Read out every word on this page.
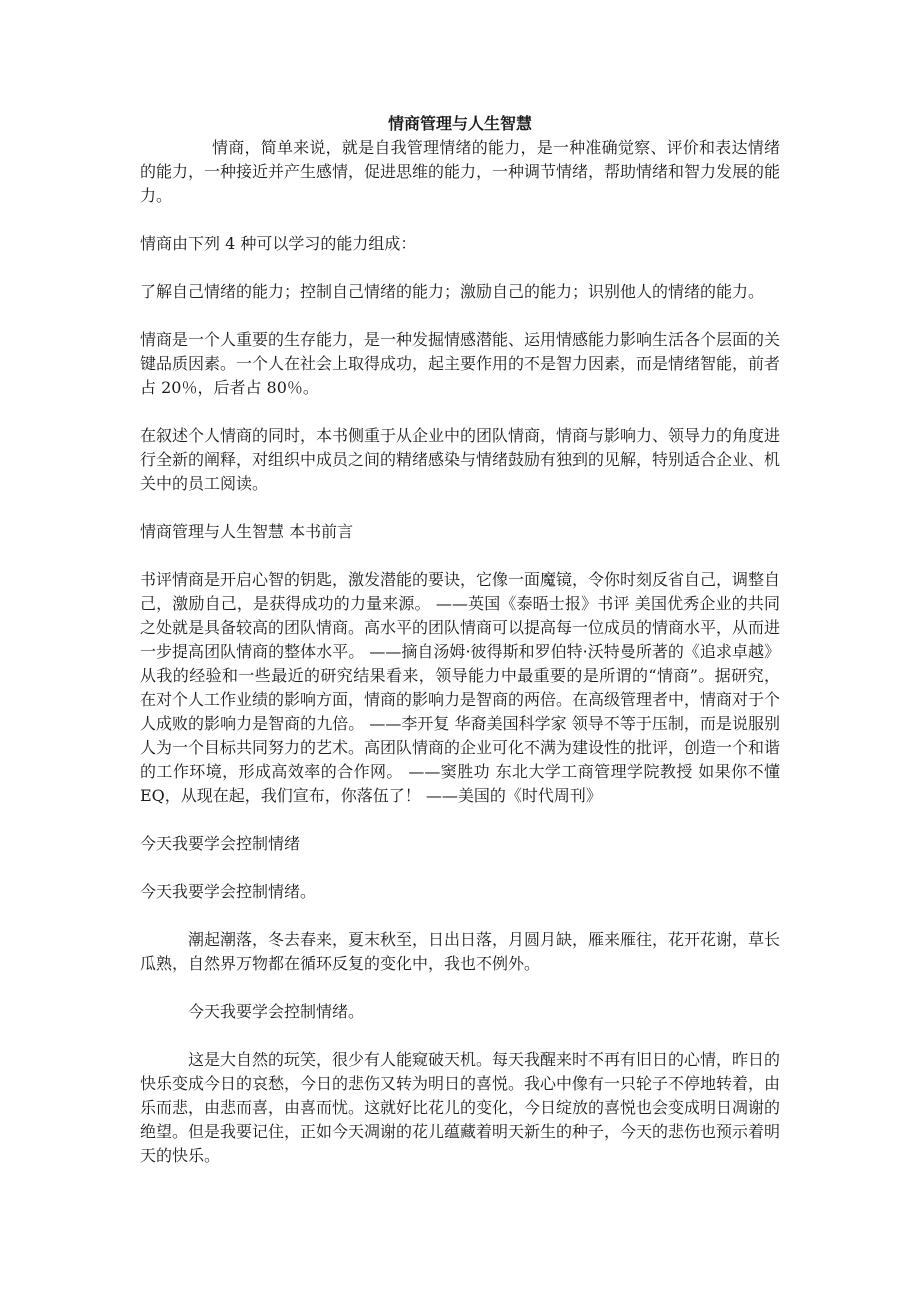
情商管理与人生智慧

情商，简单来说，就是自我管理情绪的能力，是一种准确觉察、评价和表达情绪的能力，一种接近并产生感情，促进思维的能力，一种调节情绪，帮助情绪和智力发展的能力。

情商由下列 4 种可以学习的能力组成：

了解自己情绪的能力；控制自己情绪的能力；激励自己的能力；识别他人的情绪的能力。

情商是一个人重要的生存能力，是一种发掘情感潜能、运用情感能力影响生活各个层面的关键品质因素。一个人在社会上取得成功，起主要作用的不是智力因素，而是情绪智能，前者占 20％，后者占 80％。

在叙述个人情商的同时，本书侧重于从企业中的团队情商，情商与影响力、领导力的角度进行全新的阐释，对组织中成员之间的精绪感染与情绪鼓励有独到的见解，特别适合企业、机关中的员工阅读。

情商管理与人生智慧 本书前言

书评情商是开启心智的钥匙，激发潜能的要诀，它像一面魔镜，令你时刻反省自己，调整自己，激励自己，是获得成功的力量来源。 ——英国《泰晤士报》书评 美国优秀企业的共同之处就是具备较高的团队情商。高水平的团队情商可以提高每一位成员的情商水平，从而进一步提高团队情商的整体水平。 ——摘自汤姆·彼得斯和罗伯特·沃特曼所著的《追求卓越》 从我的经验和一些最近的研究结果看来，领导能力中最重要的是所谓的“情商”。据研究，在对个人工作业绩的影响方面，情商的影响力是智商的两倍。在高级管理者中，情商对于个人成败的影响力是智商的九倍。 ——李开复 华裔美国科学家 领导不等于压制，而是说服别人为一个目标共同努力的艺术。高团队情商的企业可化不满为建设性的批评，创造一个和谐的工作环境，形成高效率的合作网。 ——窦胜功 东北大学工商管理学院教授 如果你不懂 EQ，从现在起，我们宣布，你落伍了！ ——美国的《时代周刊》

今天我要学会控制情绪

今天我要学会控制情绪。

潮起潮落，冬去春来，夏末秋至，日出日落，月圆月缺，雁来雁往，花开花谢，草长瓜熟，自然界万物都在循环反复的变化中，我也不例外。

今天我要学会控制情绪。

这是大自然的玩笑，很少有人能窥破天机。每天我醒来时不再有旧日的心情，昨日的快乐变成今日的哀愁，今日的悲伤又转为明日的喜悦。我心中像有一只轮子不停地转着，由乐而悲，由悲而喜，由喜而忧。这就好比花儿的变化，今日绽放的喜悦也会变成明日凋谢的绝望。但是我要记住，正如今天凋谢的花儿蕴藏着明天新生的种子，今天的悲伤也预示着明天的快乐。
